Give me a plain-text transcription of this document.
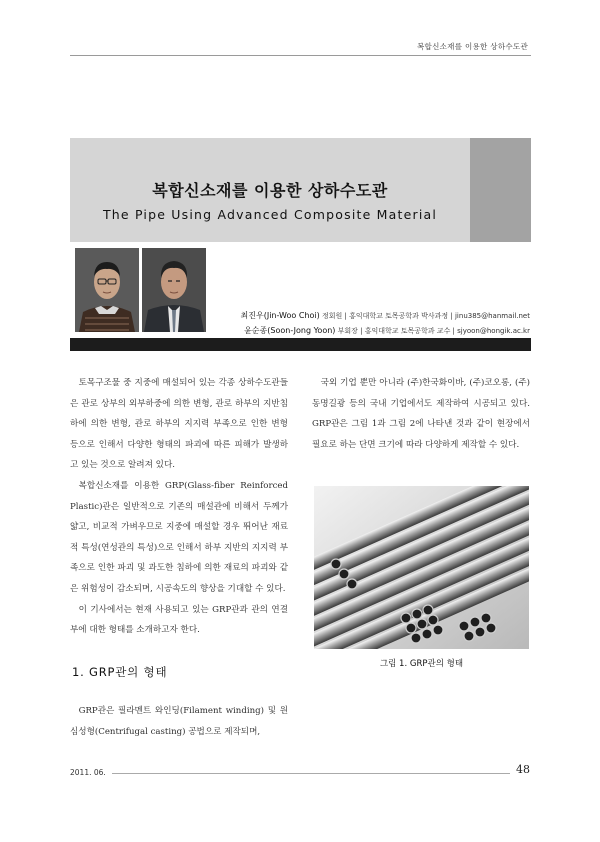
복합신소재를 이용한 상하수도관
복합신소재를 이용한 상하수도관
The Pipe Using Advanced Composite Material
최진우(Jin-Woo Choi) 정회원 | 홍익대학교 토목공학과 박사과정 | jinu385@hanmail.net
윤순종(Soon-Jong Yoon) 부회장 | 홍익대학교 토목공학과 교수 | sjyoon@hongik.ac.kr

토목구조물 중 지중에 매설되어 있는 각종 상하수도관들은 관로 상부의 외부하중에 의한 변형, 관로 하부의 지반침하에 의한 변형, 관로 하부의 지지력 부족으로 인한 변형 등으로 인해서 다양한 형태의 파괴에 따른 피해가 발생하고 있는 것으로 알려져 있다.

복합신소재를 이용한 GRP(Glass-fiber Reinforced Plastic)관은 일반적으로 기존의 매설관에 비해서 두께가 얇고, 비교적 가벼우므로 지중에 매설할 경우 뛰어난 재료적 특성(연성관의 특성)으로 인해서 하부 지반의 지지력 부족으로 인한 파괴 및 과도한 침하에 의한 재료의 파괴와 같은 위험성이 감소되며, 시공속도의 향상을 기대할 수 있다.

이 기사에서는 현재 사용되고 있는 GRP관과 관의 연결부에 대한 형태를 소개하고자 한다.

1. GRP관의 형태

GRP관은 필라멘트 와인딩(Filament winding) 및 원심성형(Centrifugal casting) 공법으로 제작되며,

국외 기업 뿐만 아니라 (주)한국화이바, (주)코오롱, (주)동명길광 등의 국내 기업에서도 제작하여 시공되고 있다. GRP관은 그림 1과 그림 2에 나타낸 것과 같이 현장에서 필요로 하는 단면 크기에 따라 다양하게 제작할 수 있다.

그림 1. GRP관의 형태
2011. 06.	48
